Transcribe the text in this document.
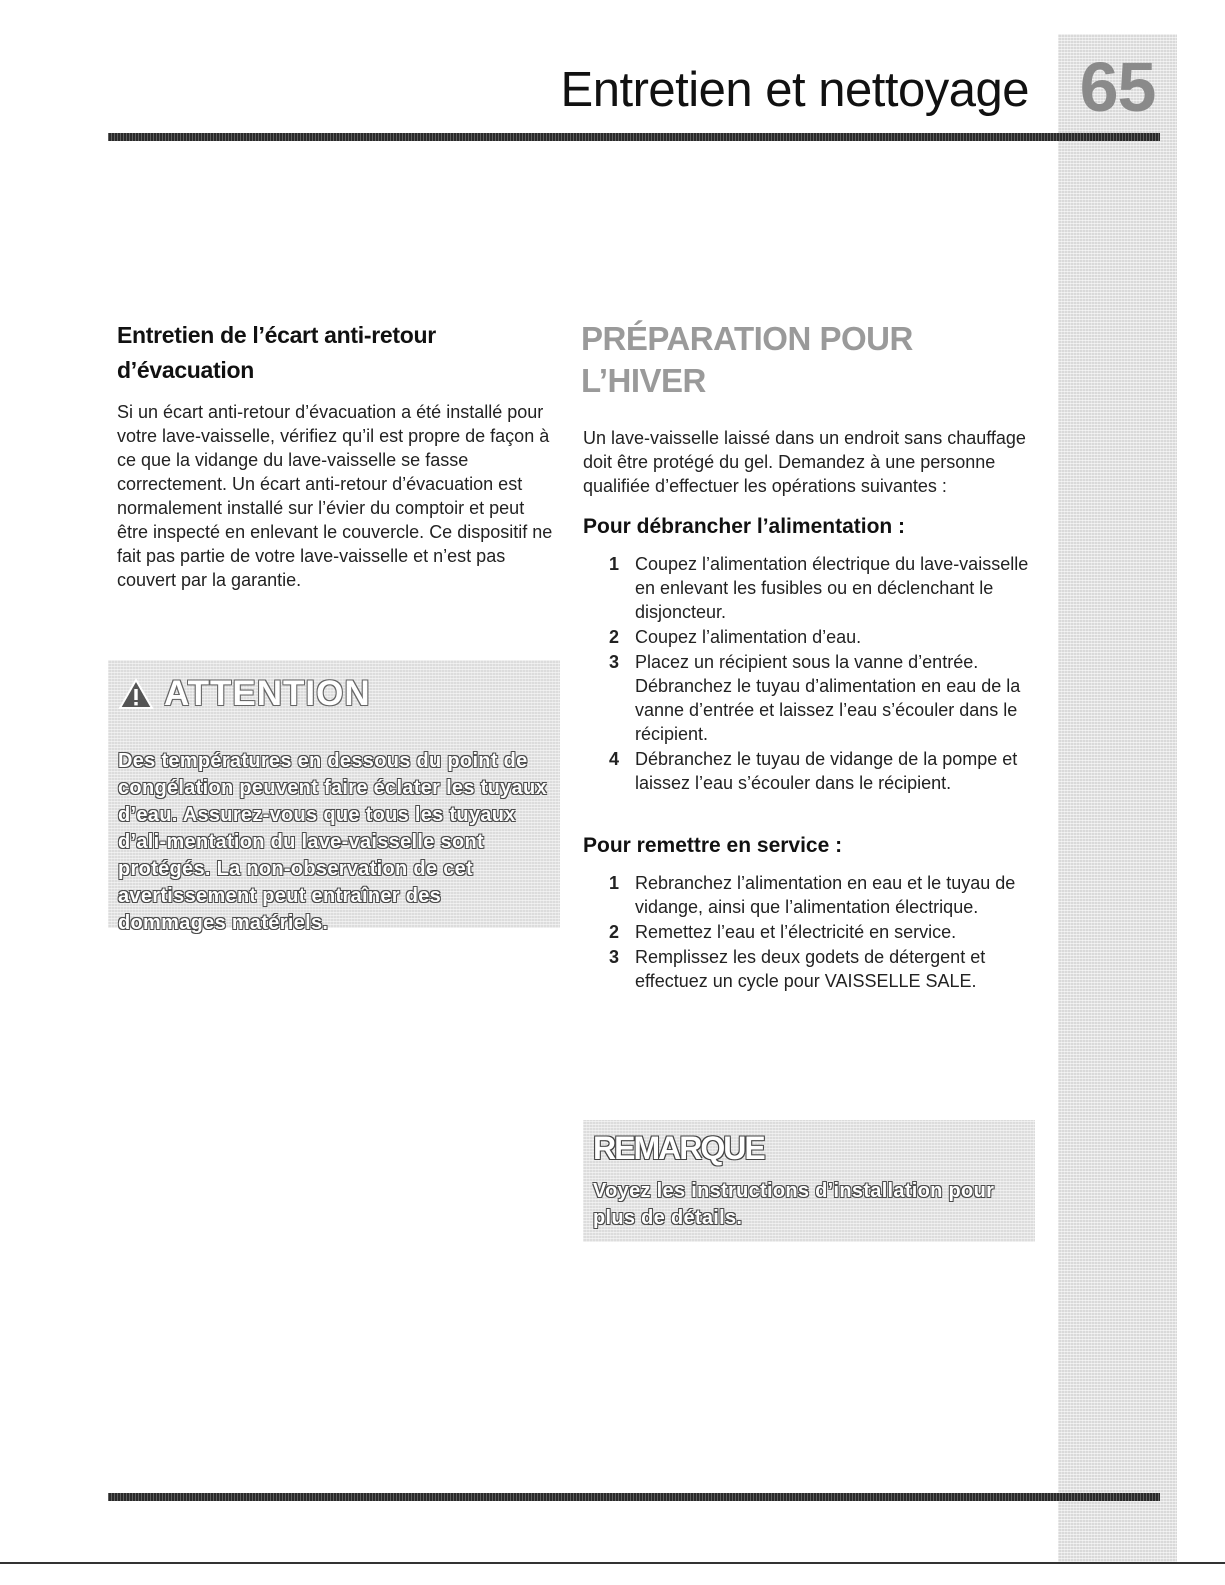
65
Entretien et nettoyage
Entretien de l’écart anti-retour d’évacuation

Si un écart anti-retour d’évacuation a été installé pour votre lave-vaisselle, vérifiez qu’il est propre de façon à ce que la vidange du lave-vaisselle se fasse correctement. Un écart anti-retour d’évacuation est normalement installé sur l’évier du comptoir et peut être inspecté en enlevant le couvercle. Ce dispositif ne fait pas partie de votre lave-vaisselle et n’est pas couvert par la garantie.

ATTENTION

Des températures en dessous du point de congélation peuvent faire éclater les tuyaux d’eau. Assurez-vous que tous les tuyaux d’ali-mentation du lave-vaisselle sont protégés. La non-observation de cet avertissement peut entraîner des dommages matériels.

PRÉPARATION POUR L’HIVER

Un lave-vaisselle laissé dans un endroit sans chauffage doit être protégé du gel. Demandez à une personne qualifiée d’effectuer les opérations suivantes :

Pour débrancher l’alimentation :
1 Coupez l’alimentation électrique du lave-vaisselle en enlevant les fusibles ou en déclenchant le disjoncteur.
2 Coupez l’alimentation d’eau.
3 Placez un récipient sous la vanne d’entrée. Débranchez le tuyau d’alimentation en eau de la vanne d’entrée et laissez l’eau s’écouler dans le récipient.
4 Débranchez le tuyau de vidange de la pompe et laissez l’eau s’écouler dans le récipient.
Pour remettre en service :
1 Rebranchez l’alimentation en eau et le tuyau de vidange, ainsi que l’alimentation électrique.
2 Remettez l’eau et l’électricité en service.
3 Remplissez les deux godets de détergent et effectuez un cycle pour VAISSELLE SALE.
REMARQUE

Voyez les instructions d’installation pour plus de détails.
